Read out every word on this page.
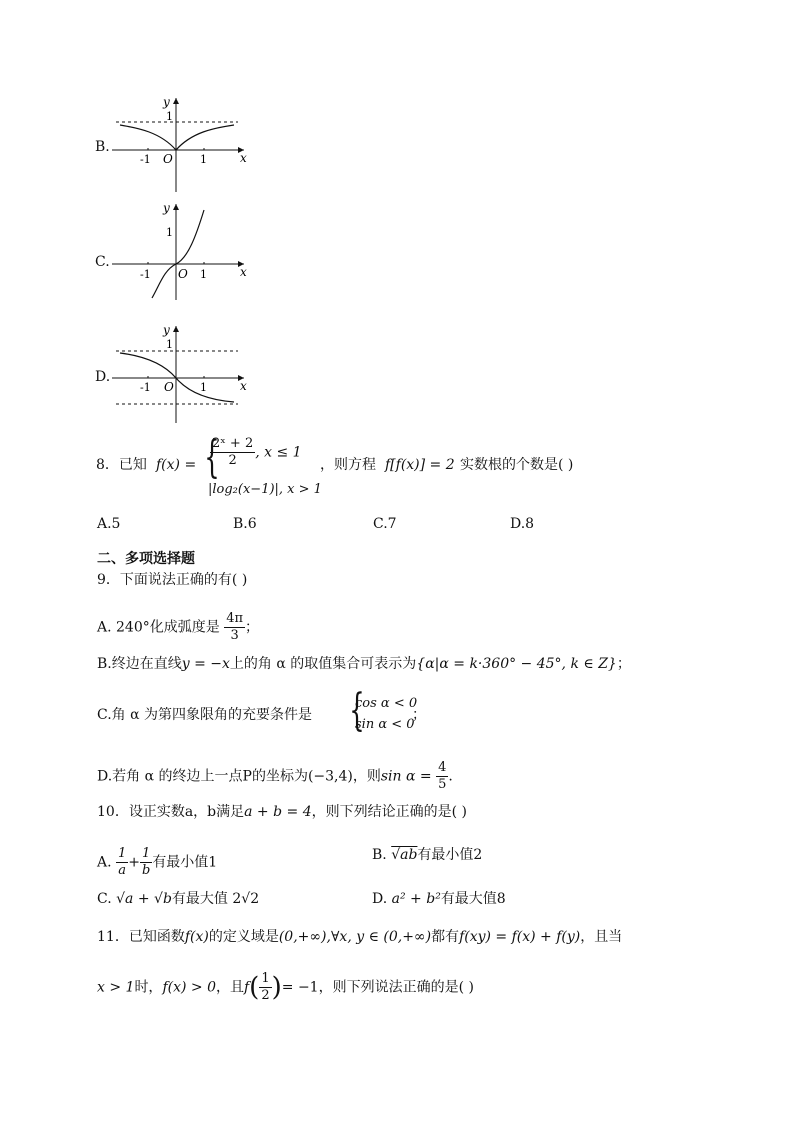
B.
y
1
x
O
-1	1
C.
y
1
x
O
-1	1
D.
y
1
x
O
-1	1
8．已知 f(x) = {
$\frac{\text{2ˣ + 2}}{2}$ , x ≤ 1
|log₂(x−1)|, x > 1
，则方程 f[f(x)] = 2 实数根的个数是( )
A.5	B.6	C.7	D.8
二、多项选择题
9．下面说法正确的有( )
A. 240°化成弧度是 $\frac{4\pi}{3}$ ；
B.终边在直线y = −x上的角 α 的取值集合可表示为{α|α = k·360° − 45°, k ∈ Z}；
C.角 α 为第四象限角的充要条件是 {
cos α < 0
sin α < 0
；
D.若角 α 的终边上一点P的坐标为(−3,4)，则$\sin \alpha = \frac{4}{5}$ .
10．设正实数a，b满足a + b = 4，则下列结论正确的是( )
A. $\frac{1}{a} + \frac{1}{b}$ 有最小值1	B. √ab有最小值2
C. √a + √b有最大值 2√2	D. a² + b²有最大值8
11．已知函数f(x)的定义域是(0,+∞),∀x, y ∈ (0,+∞)都有f(xy) = f(x) + f(y)，且当
x > 1时，f(x) > 0，且$f( \frac{1}{2}$ )= −1，则下列说法正确的是( )
